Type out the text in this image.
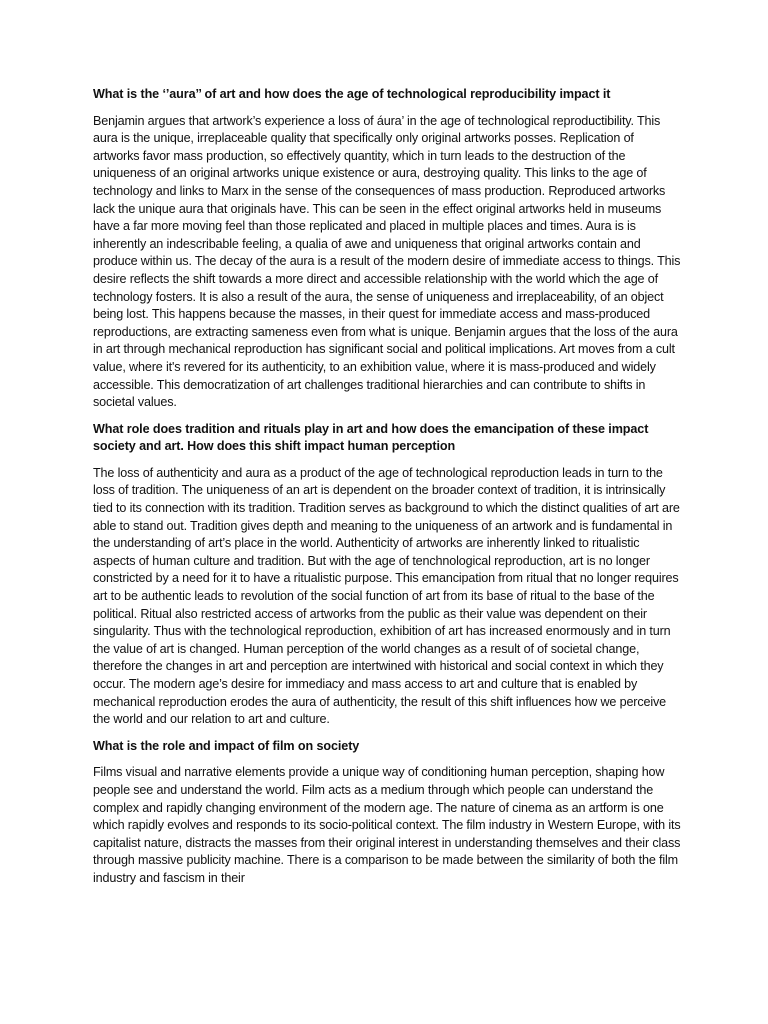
What is the ‘’aura’’ of art and how does the age of technological reproducibility impact it
Benjamin argues that artwork’s experience a loss of áura’ in the age of technological reproductibility. This aura is the unique, irreplaceable quality that specifically only original artworks posses. Replication of artworks favor mass production, so effectively quantity, which in turn leads to the destruction of the uniqueness of an original artworks unique existence or aura, destroying quality. This links to the age of technology and links to Marx in the sense of the consequences of mass production. Reproduced artworks lack the unique aura that originals have. This can be seen in the effect original artworks held in museums have a far more moving feel than those replicated and placed in multiple places and times. Aura is is inherently an indescribable feeling, a qualia of awe and uniqueness that original artworks contain and produce within us. The decay of the aura is a result of the modern desire of immediate access to things. This desire reflects the shift towards a more direct and accessible relationship with the world which the age of technology fosters. It is also a result of the aura, the sense of uniqueness and irreplaceability, of an object being lost. This happens because the masses, in their quest for immediate access and mass-produced reproductions, are extracting sameness even from what is unique. Benjamin argues that the loss of the aura in art through mechanical reproduction has significant social and political implications. Art moves from a cult value, where it's revered for its authenticity, to an exhibition value, where it is mass-produced and widely accessible. This democratization of art challenges traditional hierarchies and can contribute to shifts in societal values.
What role does tradition and rituals play in art and how does the emancipation of these impact society and art. How does this shift impact human perception
The loss of authenticity and aura as a product of the age of technological reproduction leads in turn to the loss of tradition. The uniqueness of an art is dependent on the broader context of tradition, it is intrinsically tied to its connection with its tradition. Tradition serves as background to which the distinct qualities of art are able to stand out. Tradition gives depth and meaning to the uniqueness of an artwork and is fundamental in the understanding of art’s place in the world. Authenticity of artworks are inherently linked to ritualistic aspects of human culture and tradition. But with the age of tenchnological reproduction, art is no longer constricted by a need for it to have a ritualistic purpose. This emancipation from ritual that no longer requires art to be authentic leads to revolution of the social function of art from its base of ritual to the base of the political. Ritual also restricted access of artworks from the public as their value was dependent on their singularity. Thus with the technological reproduction, exhibition of art has increased enormously and in turn the value of art is changed. Human perception of the world changes as a result of of societal change, therefore the changes in art and perception are intertwined with historical and social context in which they occur. The modern age’s desire for immediacy and mass access to art and culture that is enabled by mechanical reproduction erodes the aura of authenticity, the result of this shift influences how we perceive the world and our relation to art and culture.
What is the role and impact of film on society
Films visual and narrative elements provide a unique way of conditioning human perception, shaping how people see and understand the world. Film acts as a medium through which people can understand the complex and rapidly changing environment of the modern age. The nature of cinema as an artform is one which rapidly evolves and responds to its socio-political context. The film industry in Western Europe, with its capitalist nature, distracts the masses from their original interest in understanding themselves and their class through massive publicity machine. There is a comparison to be made between the similarity of both the film industry and fascism in their
